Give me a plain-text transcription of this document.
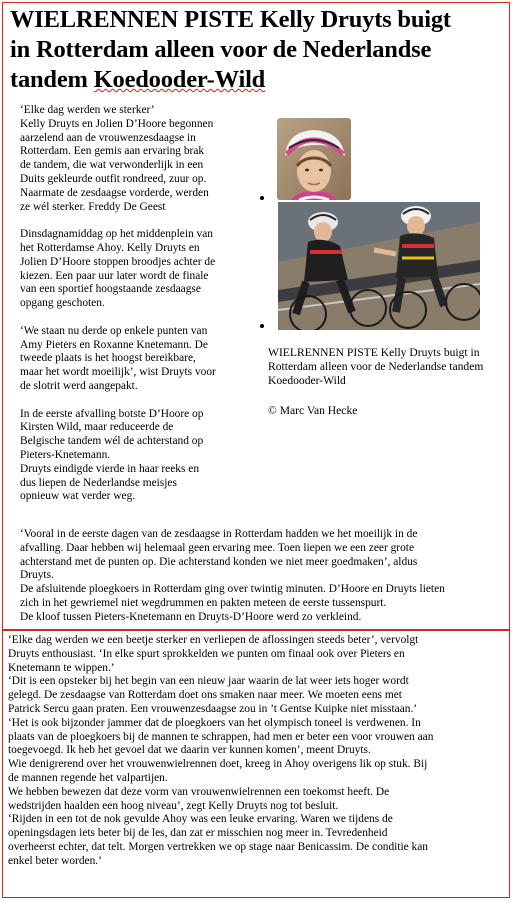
WIELRENNEN PISTE Kelly Druyts buigt
in Rotterdam alleen voor de Nederlandse
tandem Koedooder-Wild

‘Elke dag werden we sterker’
Kelly Druyts en Jolien D’Hoore begonnen
aarzelend aan de vrouwenzesdaagse in
Rotterdam. Een gemis aan ervaring brak
de tandem, die wat verwonderlijk in een
Duits gekleurde outfit rondreed, zuur op.
Naarmate de zesdaagse vorderde, werden
ze wél sterker. Freddy De Geest

Dinsdagnamiddag op het middenplein van
het Rotterdamse Ahoy. Kelly Druyts en
Jolien D’Hoore stoppen broodjes achter de
kiezen. Een paar uur later wordt de finale
van een sportief hoogstaande zesdaagse
opgang geschoten.

‘We staan nu derde op enkele punten van
Amy Pieters en Roxanne Knetemann. De
tweede plaats is het hoogst bereikbare,
maar het wordt moeilijk’, wist Druyts voor
de slotrit werd aangepakt.

In de eerste afvalling botste D’Hoore op
Kirsten Wild, maar reduceerde de
Belgische tandem wél de achterstand op
Pieters-Knetemann.
Druyts eindigde vierde in haar reeks en
dus liepen de Nederlandse meisjes
opnieuw wat verder weg.

‘Vooral in de eerste dagen van de zesdaagse in Rotterdam hadden we het moeilijk in de
afvalling. Daar hebben wij helemaal geen ervaring mee. Toen liepen we een zeer grote
achterstand met de punten op. Die achterstand konden we niet meer goedmaken’, aldus
Druyts.
De afsluitende ploegkoers in Rotterdam ging over twintig minuten. D’Hoore en Druyts lieten
zich in het gewriemel niet wegdrummen en pakten meteen de eerste tussenspurt.
De kloof tussen Pieters-Knetemann en Druyts-D’Hoore werd zo verkleind.
WIELRENNEN PISTE Kelly Druyts buigt in
Rotterdam alleen voor de Nederlandse tandem
Koedooder-Wild
© Marc Van Hecke
‘Elke dag werden we een beetje sterker en verliepen de aflossingen steeds beter’, vervolgt
Druyts enthousiast. ‘In elke spurt sprokkelden we punten om finaal ook over Pieters en
Knetemann te wippen.’
‘Dit is een opsteker bij het begin van een nieuw jaar waarin de lat weer iets hoger wordt
gelegd. De zesdaagse van Rotterdam doet ons smaken naar meer. We moeten eens met
Patrick Sercu gaan praten. Een vrouwenzesdaagse zou in ’t Gentse Kuipke niet misstaan.’
‘Het is ook bijzonder jammer dat de ploegkoers van het olympisch toneel is verdwenen. In
plaats van de ploegkoers bij de mannen te schrappen, had men er beter een voor vrouwen aan
toegevoegd. Ik heb het gevoel dat we daarin ver kunnen komen’, meent Druyts.
Wie denigrerend over het vrouwenwielrennen doet, kreeg in Ahoy overigens lik op stuk. Bij
de mannen regende het valpartijen.
We hebben bewezen dat deze vorm van vrouwenwielrennen een toekomst heeft. De
wedstrijden haalden een hoog niveau’, zegt Kelly Druyts nog tot besluit.
‘Rijden in een tot de nok gevulde Ahoy was een leuke ervaring. Waren we tijdens de
openingsdagen iets beter bij de les, dan zat er misschien nog meer in. Tevredenheid
overheerst echter, dat telt. Morgen vertrekken we op stage naar Benicassim. De conditie kan
enkel beter worden.’
